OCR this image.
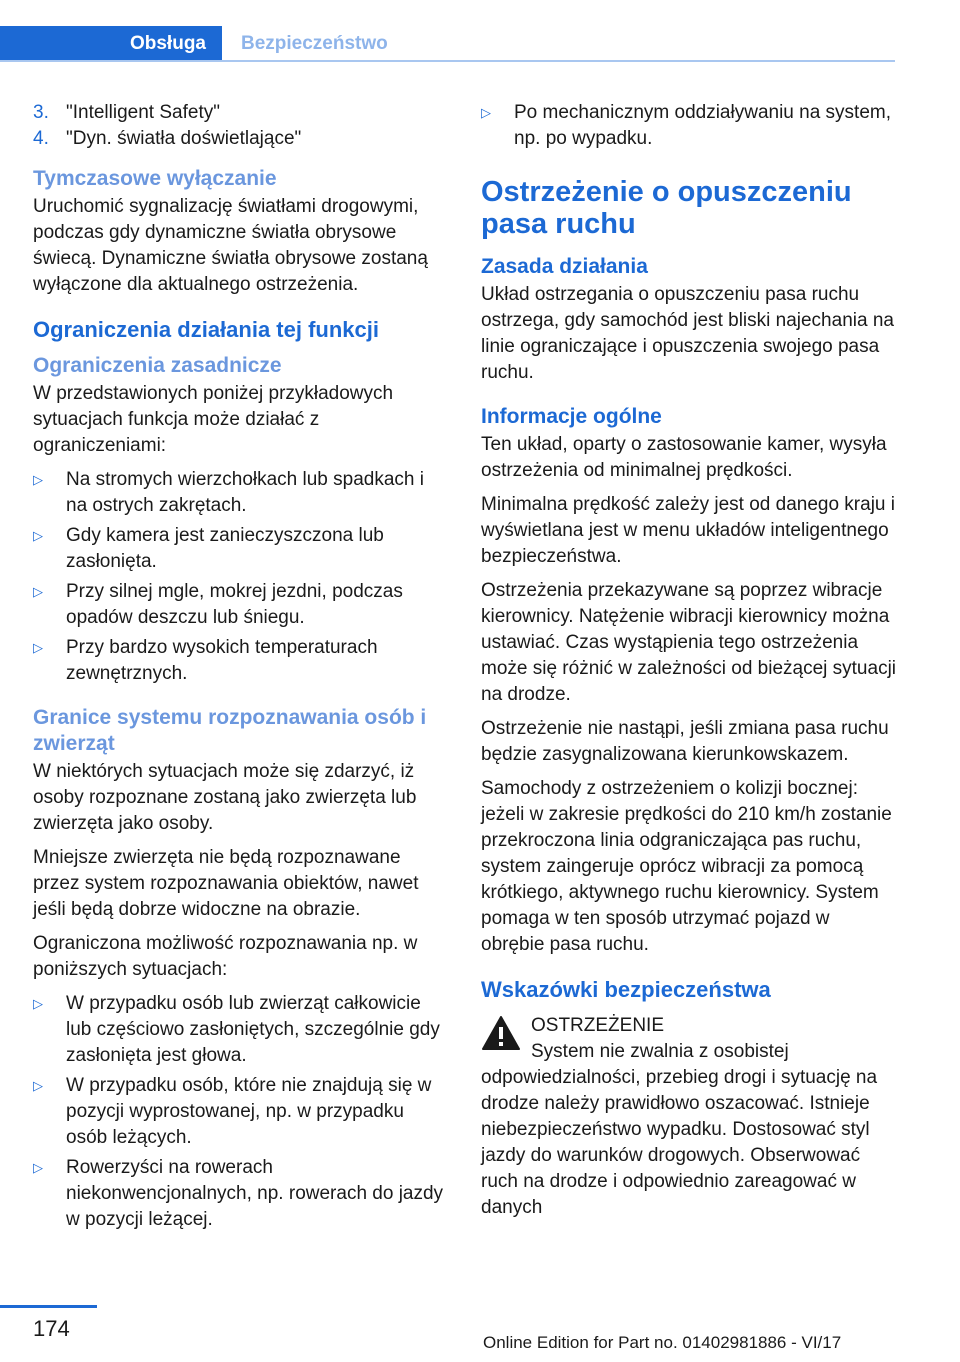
Obsługa	Bezpieczeństwo
3. "Intelligent Safety"
4. "Dyn. światła doświetlające"
Tymczasowe wyłączanie

Uruchomić sygnalizację światłami drogowymi, podczas gdy dynamiczne światła obrysowe świecą. Dynamiczne światła obrysowe zostaną wyłączone dla aktualnego ostrzeżenia.

Ograniczenia działania tej funkcji
Ograniczenia zasadnicze

W przedstawionych poniżej przykładowych sytuacjach funkcja może działać z ograniczeniami:

▷	Na stromych wierzchołkach lub spadkach i na ostrych zakrętach.
▷	Gdy kamera jest zanieczyszczona lub zasłonięta.
▷	Przy silnej mgle, mokrej jezdni, podczas opadów deszczu lub śniegu.
▷	Przy bardzo wysokich temperaturach zewnętrznych.
Granice systemu rozpoznawania osób i zwierząt

W niektórych sytuacjach może się zdarzyć, iż osoby rozpoznane zostaną jako zwierzęta lub zwierzęta jako osoby.

Mniejsze zwierzęta nie będą rozpoznawane przez system rozpoznawania obiektów, nawet jeśli będą dobrze widoczne na obrazie.

Ograniczona możliwość rozpoznawania np. w poniższych sytuacjach:

▷	W przypadku osób lub zwierząt całkowicie lub częściowo zasłoniętych, szczególnie gdy zasłonięta jest głowa.
▷	W przypadku osób, które nie znajdują się w pozycji wyprostowanej, np. w przypadku osób leżących.
▷	Rowerzyści na rowerach niekonwencjonalnych, np. rowerach do jazdy w pozycji leżącej.
▷	Po mechanicznym oddziaływaniu na system, np. po wypadku.
Ostrzeżenie o opuszczeniu pasa ruchu
Zasada działania

Układ ostrzegania o opuszczeniu pasa ruchu ostrzega, gdy samochód jest bliski najechania na linie ograniczające i opuszczenia swojego pasa ruchu.

Informacje ogólne

Ten układ, oparty o zastosowanie kamer, wysyła ostrzeżenia od minimalnej prędkości.

Minimalna prędkość zależy jest od danego kraju i wyświetlana jest w menu układów inteligentnego bezpieczeństwa.

Ostrzeżenia przekazywane są poprzez wibracje kierownicy. Natężenie wibracji kierownicy można ustawiać. Czas wystąpienia tego ostrzeżenia może się różnić w zależności od bieżącej sytuacji na drodze.

Ostrzeżenie nie nastąpi, jeśli zmiana pasa ruchu będzie zasygnalizowana kierunkowskazem.

Samochody z ostrzeżeniem o kolizji bocznej: jeżeli w zakresie prędkości do 210 km/h zostanie przekroczona linia odgraniczająca pas ruchu, system zaingeruje oprócz wibracji za pomocą krótkiego, aktywnego ruchu kierownicy. System pomaga w ten sposób utrzymać pojazd w obrębie pasa ruchu.

Wskazówki bezpieczeństwa

OSTRZEŻENIE

System nie zwalnia z osobistej odpowiedzialności, przebieg drogi i sytuację na drodze należy prawidłowo oszacować. Istnieje niebezpieczeństwo wypadku. Dostosować styl jazdy do warunków drogowych. Obserwować ruch na drodze i odpowiednio zareagować w danych

174
Online Edition for Part no. 01402981886 - VI/17
